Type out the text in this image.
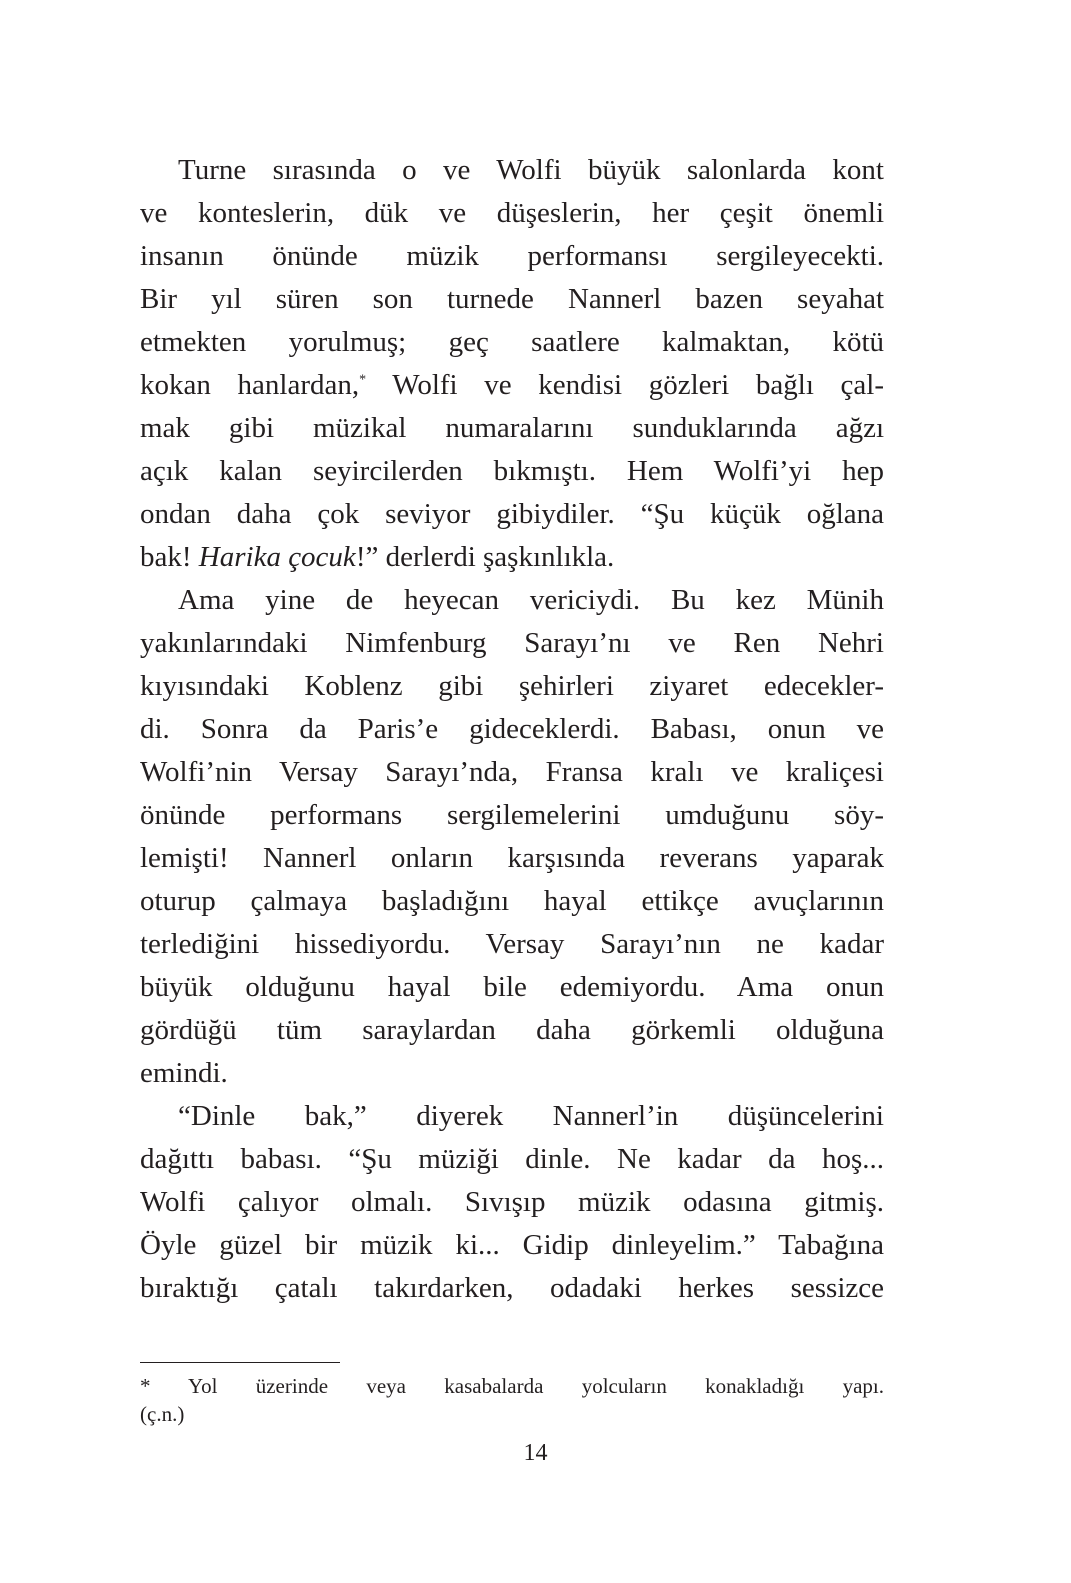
Turne sırasında o ve Wolfi büyük salonlarda kont
ve konteslerin, dük ve düşeslerin, her çeşit önemli
insanın önünde müzik performansı sergileyecekti.
Bir yıl süren son turnede Nannerl bazen seyahat
etmekten yorulmuş; geç saatlere kalmaktan, kötü
kokan hanlardan,* Wolfi ve kendisi gözleri bağlı çal-
mak gibi müzikal numaralarını sunduklarında ağzı
açık kalan seyircilerden bıkmıştı. Hem Wolfi’yi hep
ondan daha çok seviyor gibiydiler. “Şu küçük oğlana
bak! Harika çocuk!” derlerdi şaşkınlıkla.
Ama yine de heyecan vericiydi. Bu kez Münih
yakınlarındaki Nimfenburg Sarayı’nı ve Ren Nehri
kıyısındaki Koblenz gibi şehirleri ziyaret edecekler-
di. Sonra da Paris’e gideceklerdi. Babası, onun ve
Wolfi’nin Versay Sarayı’nda, Fransa kralı ve kraliçesi
önünde performans sergilemelerini umduğunu söy-
lemişti! Nannerl onların karşısında reverans yaparak
oturup çalmaya başladığını hayal ettikçe avuçlarının
terlediğini hissediyordu. Versay Sarayı’nın ne kadar
büyük olduğunu hayal bile edemiyordu. Ama onun
gördüğü tüm saraylardan daha görkemli olduğuna
emindi.
“Dinle bak,” diyerek Nannerl’in düşüncelerini
dağıttı babası. “Şu müziği dinle. Ne kadar da hoş...
Wolfi çalıyor olmalı. Sıvışıp müzik odasına gitmiş.
Öyle güzel bir müzik ki... Gidip dinleyelim.” Tabağına
bıraktığı çatalı takırdarken, odadaki herkes sessizce
* Yol üzerinde veya kasabalarda yolcuların konakladığı yapı.
(ç.n.)
14
